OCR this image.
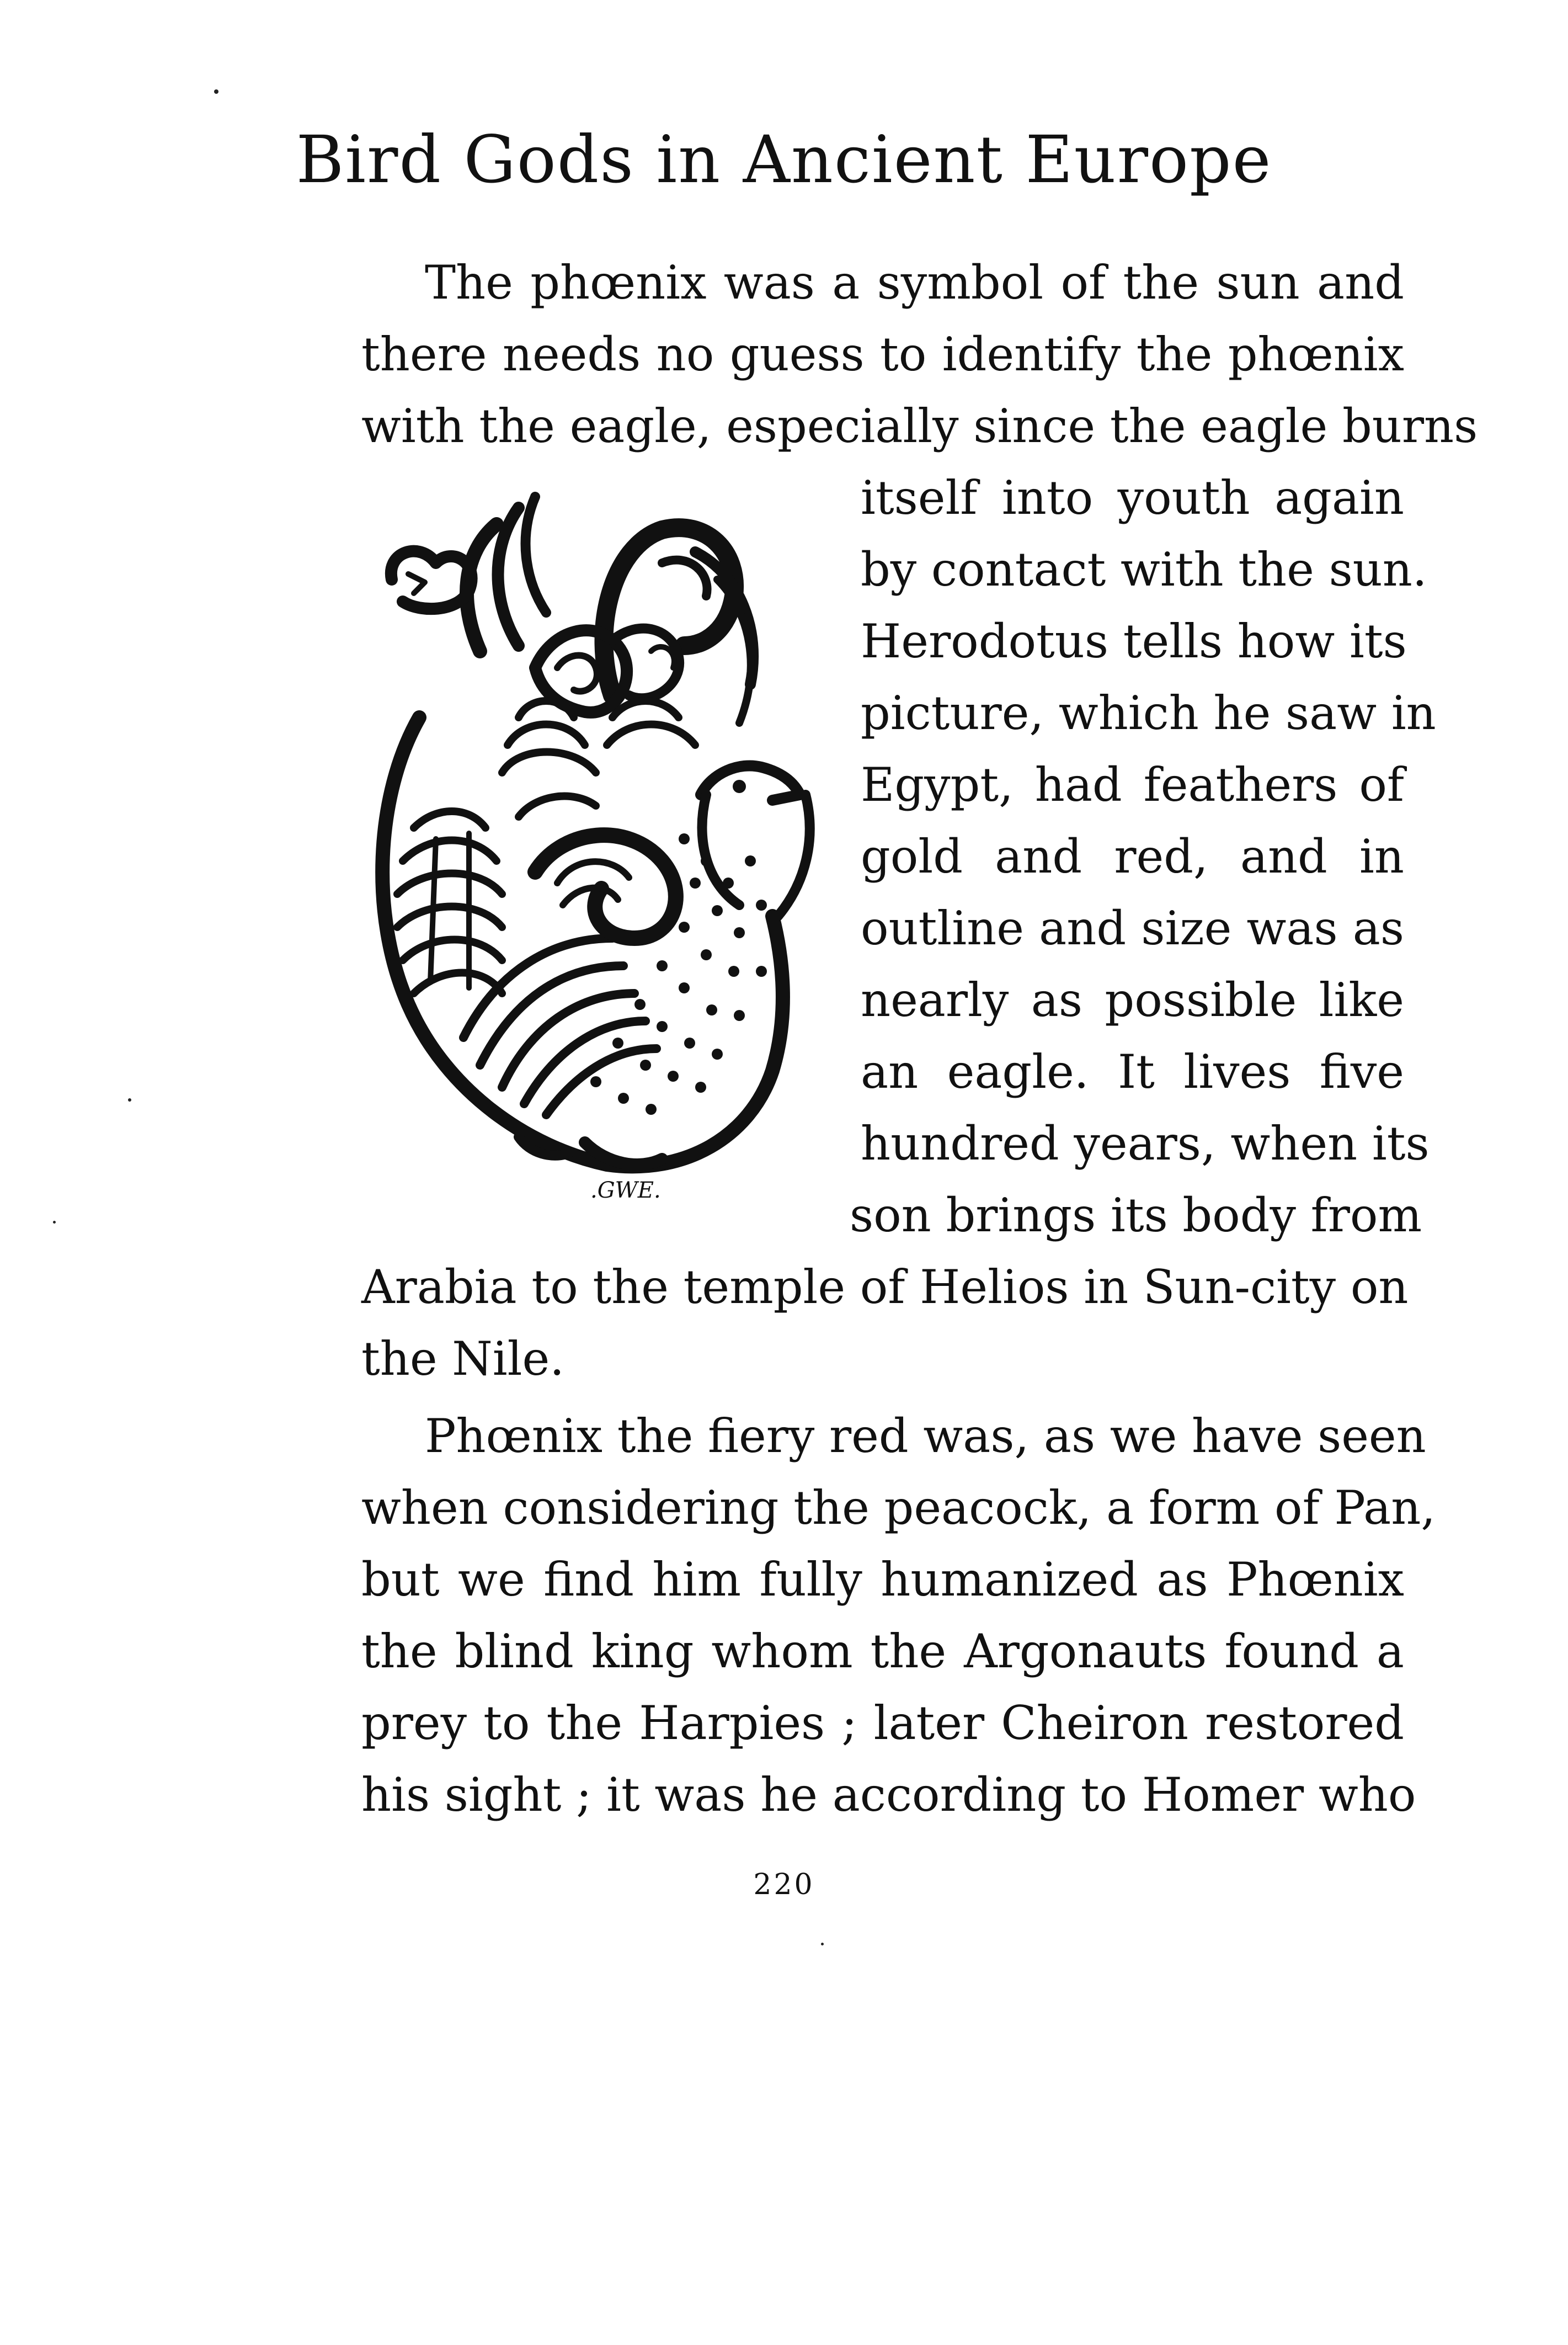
Bird Gods in Ancient Europe
The phœnix was a symbol of the sun and
there needs no guess to identify the phœnix
with the eagle, especially since the eagle burns
itself into youth again
by contact with the sun.
Herodotus tells how its
picture, which he saw in
Egypt, had feathers of
gold and red, and in
outline and size was as
nearly as possible like
an eagle. It lives five
hundred years, when its
son brings its body from
Arabia to the temple of Helios in Sun-city on
the Nile.
Phœnix the fiery red was, as we have seen
when considering the peacock, a form of Pan,
but we find him fully humanized as Phœnix
the blind king whom the Argonauts found a
prey to the Harpies ; later Cheiron restored
his sight ; it was he according to Homer who
220
.GWE.
